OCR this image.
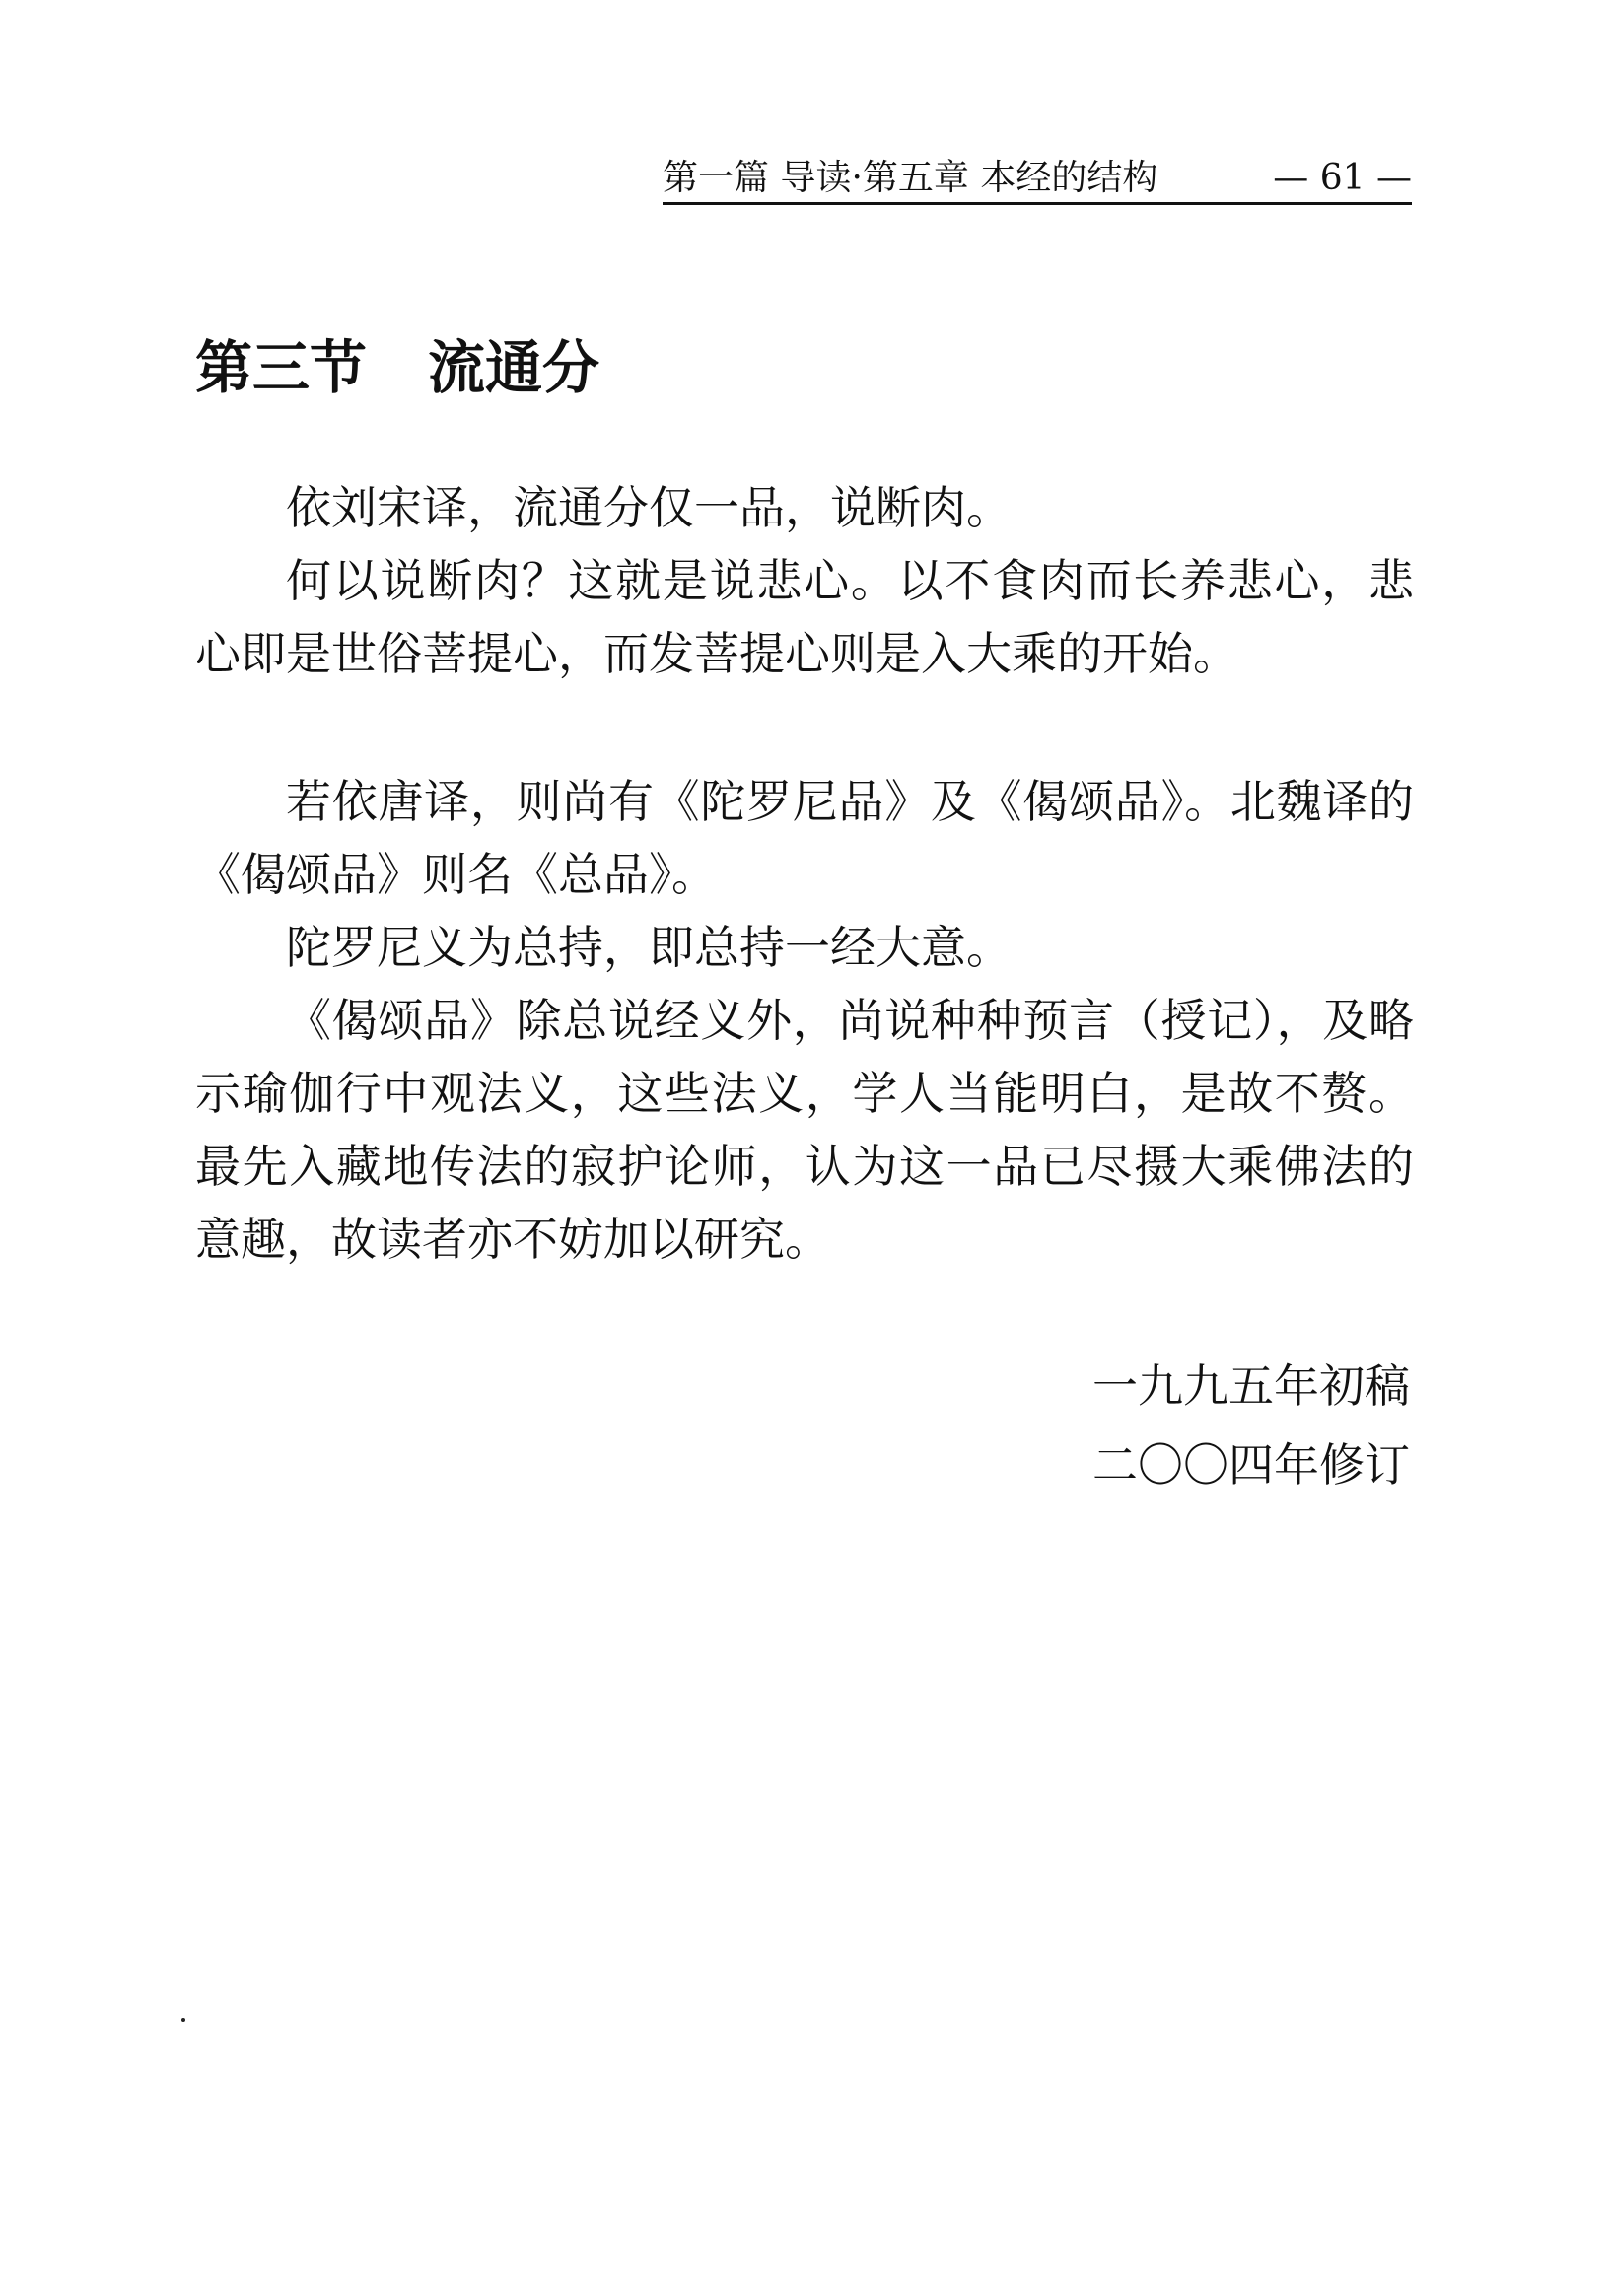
第一篇 导读·第五章 本经的结构	— 61 —
第三节 流通分

依刘宋译，流通分仅一品，说断肉。

何以说断肉？这就是说悲心。以不食肉而长养悲心，悲心即是世俗菩提心，而发菩提心则是入大乘的开始。

若依唐译，则尚有《陀罗尼品》及《偈颂品》。北魏译的《偈颂品》则名《总品》。

陀罗尼义为总持，即总持一经大意。

《偈颂品》除总说经义外，尚说种种预言（授记），及略示瑜伽行中观法义，这些法义，学人当能明白，是故不赘。最先入藏地传法的寂护论师，认为这一品已尽摄大乘佛法的意趣，故读者亦不妨加以研究。

一九九五年初稿
二〇〇四年修订
